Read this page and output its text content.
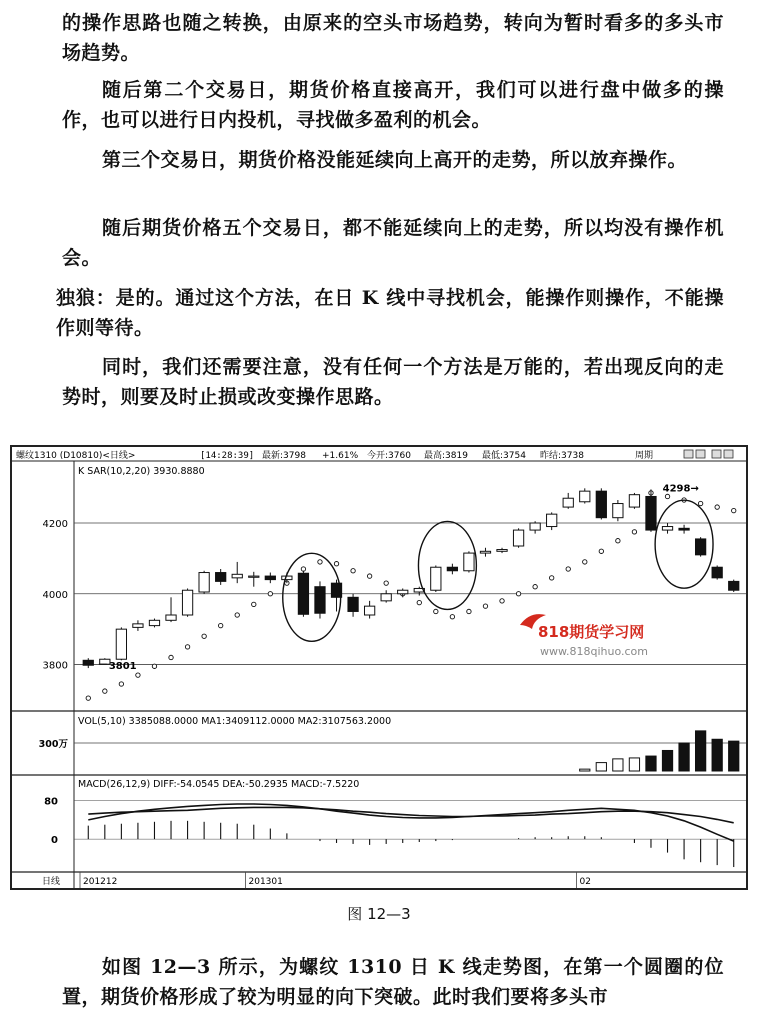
的操作思路也随之转换，由原来的空头市场趋势，转向为暂时看多的多头市场趋势。

随后第二个交易日，期货价格直接高开，我们可以进行盘中做多的操作，也可以进行日内投机，寻找做多盈利的机会。

第三个交易日，期货价格没能延续向上高开的走势，所以放弃操作。

随后期货价格五个交易日，都不能延续向上的走势，所以均没有操作机会。

独狼：是的。通过这个方法，在日 K 线中寻找机会，能操作则操作，不能操作则等待。

同时，我们还需要注意，没有任何一个方法是万能的，若出现反向的走势时，则要及时止损或改变操作思路。

螺纹1310 (D10810)<日线>	[14:28:39] 最新:3798 +1.61% 今开:3760 最高:3819 最低:3754 昨结:3738	周期
K SAR(10,2,20) 3930.8880
VOL(5,10) 3385088.0000 MA1:3409112.0000 MA2:3107563.2000
MACD(26,12,9) DIFF:-54.0545 DEA:-50.2935 MACD:-7.5220
4200
4000
3800
4298→
3801
300万
80
0
201212	201301	02
日线
818期货学习网
www.818qihuo.com
图 12—3

如图 12—3 所示，为螺纹 1310 日 K 线走势图，在第一个圆圈的位置，期货价格形成了较为明显的向下突破。此时我们要将多头市
